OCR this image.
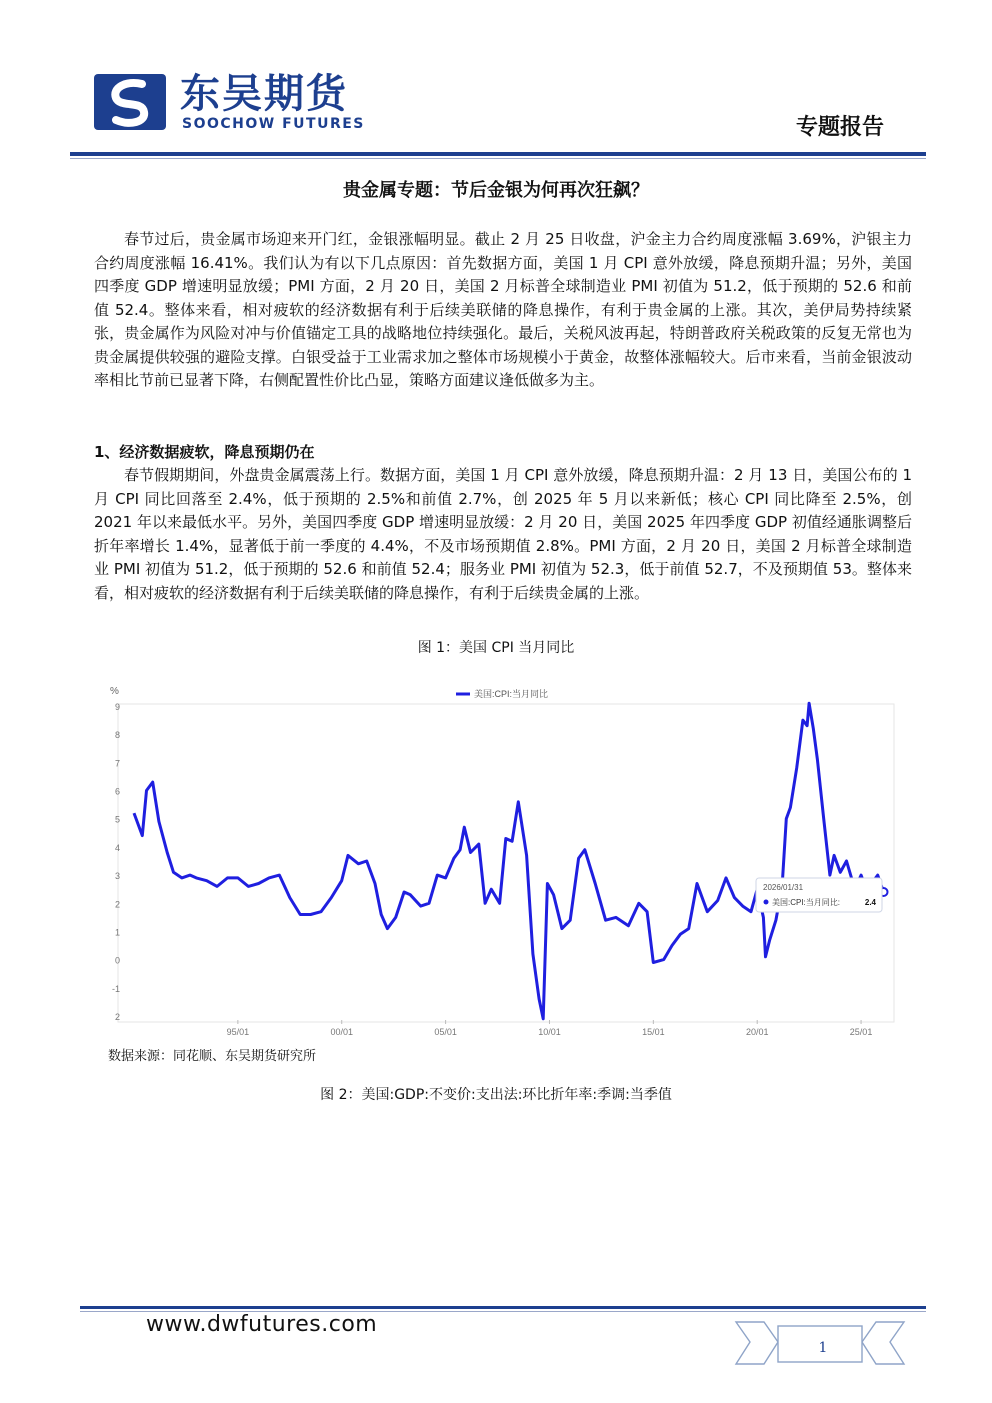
东吴期货
SOOCHOW FUTURES	专题报告
贵金属专题：节后金银为何再次狂飙？

春节过后，贵金属市场迎来开门红，金银涨幅明显。截止 2 月 25 日收盘，沪金主力合约周度涨幅 3.69%，沪银主力合约周度涨幅 16.41%。我们认为有以下几点原因：首先数据方面，美国 1 月 CPI 意外放缓，降息预期升温；另外，美国四季度 GDP 增速明显放缓；PMI 方面，2 月 20 日，美国 2 月标普全球制造业 PMI 初值为 51.2，低于预期的 52.6 和前值 52.4。整体来看，相对疲软的经济数据有利于后续美联储的降息操作，有利于贵金属的上涨。其次，美伊局势持续紧张，贵金属作为风险对冲与价值锚定工具的战略地位持续强化。最后，关税风波再起，特朗普政府关税政策的反复无常也为贵金属提供较强的避险支撑。白银受益于工业需求加之整体市场规模小于黄金，故整体涨幅较大。后市来看，当前金银波动率相比节前已显著下降，右侧配置性价比凸显，策略方面建议逢低做多为主。

1、经济数据疲软，降息预期仍在

春节假期期间，外盘贵金属震荡上行。数据方面，美国 1 月 CPI 意外放缓，降息预期升温：2 月 13 日，美国公布的 1 月 CPI 同比回落至 2.4%，低于预期的 2.5%和前值 2.7%，创 2025 年 5 月以来新低；核心 CPI 同比降至 2.5%，创 2021 年以来最低水平。另外，美国四季度 GDP 增速明显放缓：2 月 20 日，美国 2025 年四季度 GDP 初值经通胀调整后折年率增长 1.4%，显著低于前一季度的 4.4%，不及市场预期值 2.8%。PMI 方面，2 月 20 日，美国 2 月标普全球制造业 PMI 初值为 51.2，低于预期的 52.6 和前值 52.4；服务业 PMI 初值为 52.3，低于前值 52.7，不及预期值 53。整体来看，相对疲软的经济数据有利于后续美联储的降息操作，有利于后续贵金属的上涨。

图 1：美国 CPI 当月同比
美国:CPI:当月同比
%
2
-1
0
1
2
3
4
5
6
7
8
9
95/01	00/01	05/01	10/01	15/01	20/01	25/01
2026/01/31
美国:CPI:当月同比:	2.4
数据来源：同花顺、东吴期货研究所
图 2：美国:GDP:不变价:支出法:环比折年率:季调:当季值
www.dwfutures.com
1
